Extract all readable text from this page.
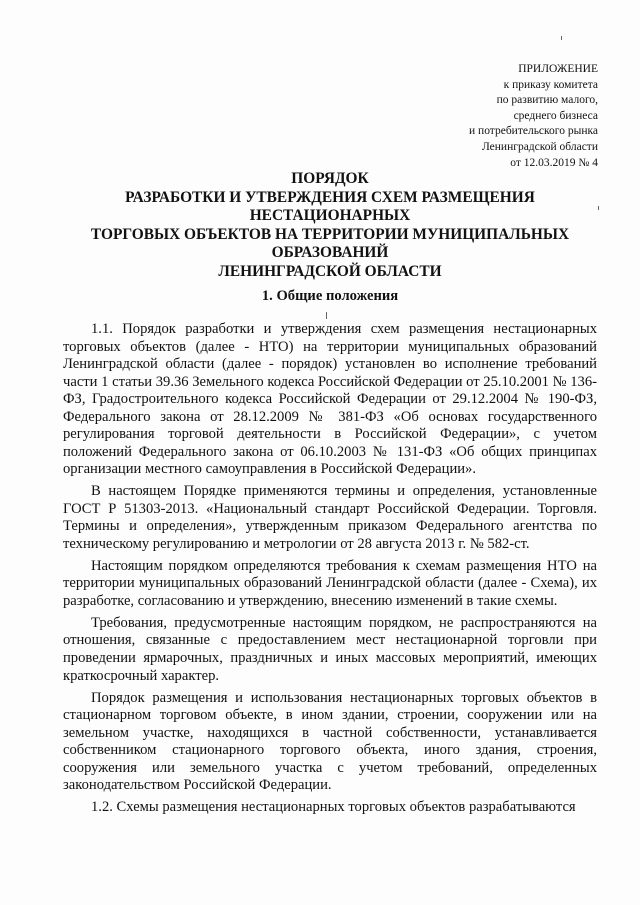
ПРИЛОЖЕНИЕ
к приказу комитета
по развитию малого,
среднего бизнеса
и потребительского рынка
Ленинградской области
от 12.03.2019 № 4
ПОРЯДОК
РАЗРАБОТКИ И УТВЕРЖДЕНИЯ СХЕМ РАЗМЕЩЕНИЯ
НЕСТАЦИОНАРНЫХ
ТОРГОВЫХ ОБЪЕКТОВ НА ТЕРРИТОРИИ МУНИЦИПАЛЬНЫХ
ОБРАЗОВАНИЙ
ЛЕНИНГРАДСКОЙ ОБЛАСТИ
1. Общие положения

1.1. Порядок разработки и утверждения схем размещения нестационарных торговых объектов (далее - НТО) на территории муниципальных образований Ленинградской области (далее - порядок) установлен во исполнение требований части 1 статьи 39.36 Земельного кодекса Российской Федерации от 25.10.2001 № 136-ФЗ, Градостроительного кодекса Российской Федерации от 29.12.2004 № 190-ФЗ, Федерального закона от 28.12.2009 № 381-ФЗ «Об основах государственного регулирования торговой деятельности в Российской Федерации», с учетом положений Федерального закона от 06.10.2003 № 131-ФЗ «Об общих принципах организации местного самоуправления в Российской Федерации».

В настоящем Порядке применяются термины и определения, установленные ГОСТ Р 51303-2013. «Национальный стандарт Российской Федерации. Торговля. Термины и определения», утвержденным приказом Федерального агентства по техническому регулированию и метрологии от 28 августа 2013 г. № 582-ст.

Настоящим порядком определяются требования к схемам размещения НТО на территории муниципальных образований Ленинградской области (далее - Схема), их разработке, согласованию и утверждению, внесению изменений в такие схемы.

Требования, предусмотренные настоящим порядком, не распространяются на отношения, связанные с предоставлением мест нестационарной торговли при проведении ярмарочных, праздничных и иных массовых мероприятий, имеющих краткосрочный характер.

Порядок размещения и использования нестационарных торговых объектов в стационарном торговом объекте, в ином здании, строении, сооружении или на земельном участке, находящихся в частной собственности, устанавливается собственником стационарного торгового объекта, иного здания, строения, сооружения или земельного участка с учетом требований, определенных законодательством Российской Федерации.

1.2. Схемы размещения нестационарных торговых объектов разрабатываются
